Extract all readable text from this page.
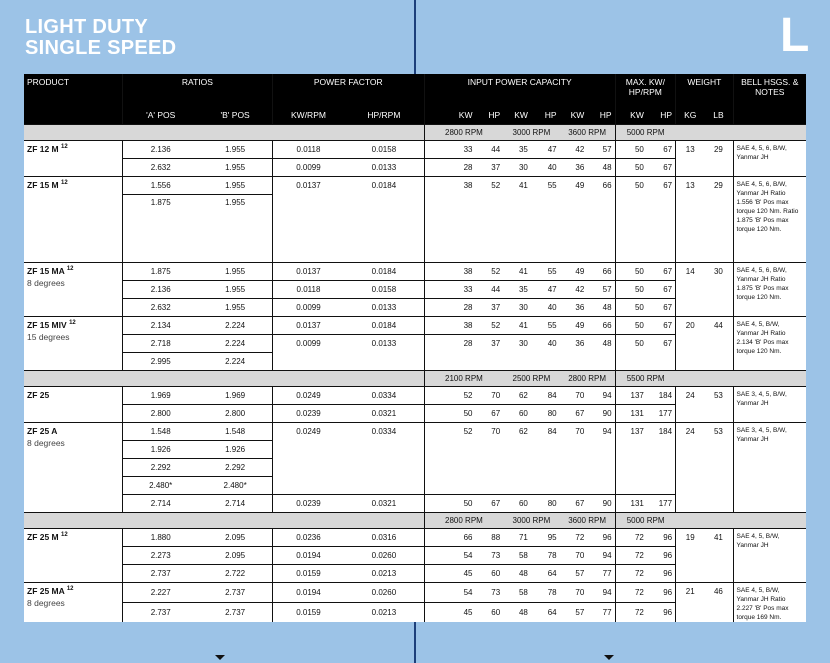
LIGHT DUTY
SINGLE SPEED	L
PRODUCT	RATIOS		POWER FACTOR		INPUT POWER CAPACITY						MAX. KW/ HP/RPM		WEIGHT		BELL HSGS. & NOTES
	'A' POS	'B' POS	KW/RPM	HP/RPM	KW	HP	KW	HP	KW	HP	KW	HP	KG	LB	
					2800 RPM		3000 RPM		3600 RPM		5000 RPM				
ZF 12 M $^{12}$	2.136	1.955	0.0118	0.0158	33	44	35	47	42	57	50	67	13	29	SAE 4, 5, 6, B/W, Yanmar JH
	2.632	1.955	0.0099	0.0133	28	37	30	40	36	48	50	67			
ZF 15 M $^{12}$	1.556	1.955	0.0137	0.0184	38	52	41	55	49	66	50	67	13	29	SAE 4, 5, 6, B/W, Yanmar JH Ratio 1.556 'B' Pos max torque 120 Nm. Ratio 1.875 'B' Pos max torque 120 Nm.
	1.875	1.955													
ZF 15 MA $^{12}$
8 degrees	1.875	1.955	0.0137	0.0184	38	52	41	55	49	66	50	67	14	30	SAE 4, 5, 6, B/W, Yanmar JH Ratio 1.875 'B' Pos max torque 120 Nm.
	2.136	1.955	0.0118	0.0158	33	44	35	47	42	57	50	67			
	2.632	1.955	0.0099	0.0133	28	37	30	40	36	48	50	67			
ZF 15 MIV $^{12}$
15 degrees	2.134	2.224	0.0137	0.0184	38	52	41	55	49	66	50	67	20	44	SAE 4, 5, B/W, Yanmar JH Ratio 2.134 'B' Pos max torque 120 Nm.
	2.718	2.224	0.0099	0.0133	28	37	30	40	36	48	50	67			
	2.995	2.224													
					2100 RPM		2500 RPM		2800 RPM		5500 RPM				
ZF 25	1.969	1.969	0.0249	0.0334	52	70	62	84	70	94	137	184	24	53	SAE 3, 4, 5, B/W, Yanmar JH
	2.800	2.800	0.0239	0.0321	50	67	60	80	67	90	131	177			
ZF 25 A
8 degrees	1.548	1.548	0.0249	0.0334	52	70	62	84	70	94	137	184	24	53	SAE 3, 4, 5, B/W, Yanmar JH
	1.926	1.926													
	2.292	2.292													
	2.480*	2.480*													
	2.714	2.714	0.0239	0.0321	50	67	60	80	67	90	131	177			
					2800 RPM		3000 RPM		3600 RPM		5000 RPM				
ZF 25 M $^{12}$	1.880	2.095	0.0236	0.0316	66	88	71	95	72	96	72	96	19	41	SAE 4, 5, B/W, Yanmar JH
	2.273	2.095	0.0194	0.0260	54	73	58	78	70	94	72	96			
	2.737	2.722	0.0159	0.0213	45	60	48	64	57	77	72	96			
ZF 25 MA $^{12}$
8 degrees	2.227	2.737	0.0194	0.0260	54	73	58	78	70	94	72	96	21	46	SAE 4, 5, B/W, Yanmar JH Ratio 2.227 'B' Pos max torque 169 Nm.
	2.737	2.737	0.0159	0.0213	45	60	48	64	57	77	72	96			
